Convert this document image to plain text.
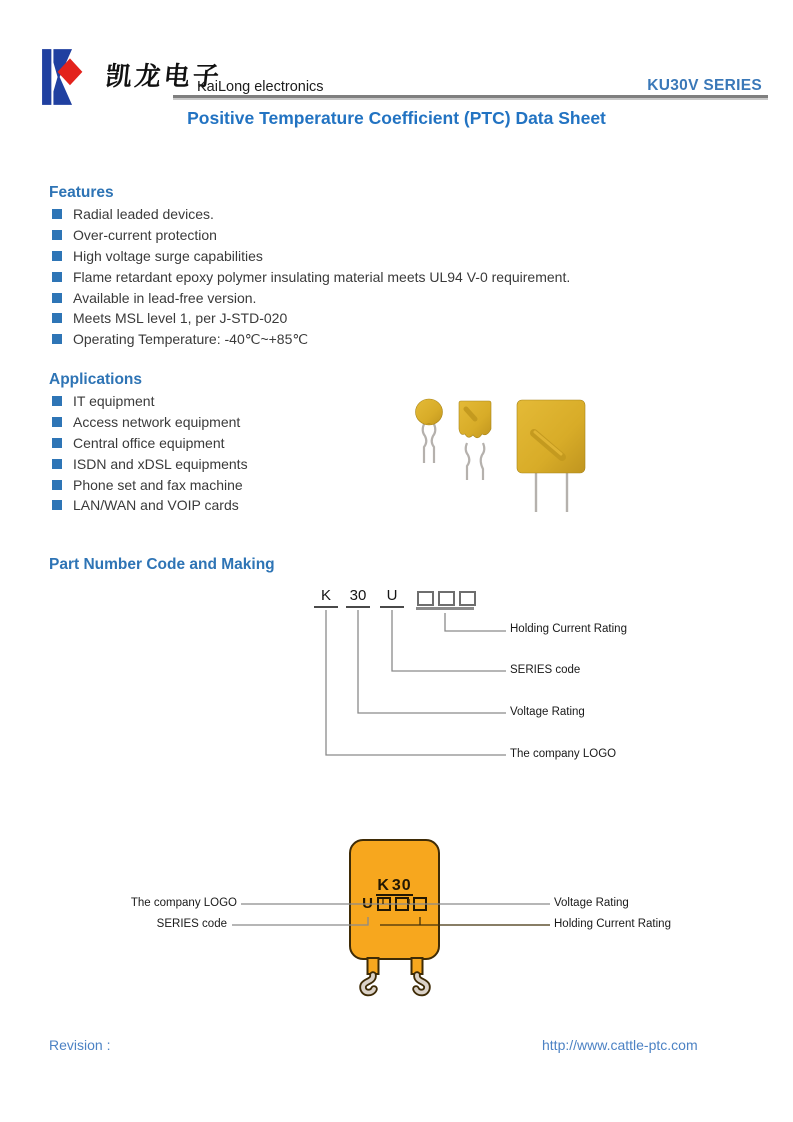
凯龙电子
KaiLong electronics	KU30V SERIES
Positive Temperature Coefficient (PTC) Data Sheet
Features
Radial leaded devices.
Over-current protection
High voltage surge capabilities
Flame retardant epoxy polymer insulating material meets UL94 V-0 requirement.
Available in lead-free version.
Meets MSL level 1, per J-STD-020
Operating Temperature: -40℃~+85℃
Applications
IT equipment
Access network equipment
Central office equipment
ISDN and xDSL equipments
Phone set and fax machine
LAN/WAN and VOIP cards
Part Number Code and Making
K	30	U
Holding Current Rating
SERIES code
Voltage Rating
The company LOGO
K 30
U
The company LOGO
SERIES code
Voltage Rating
Holding Current Rating
Revision :	http://www.cattle-ptc.com
